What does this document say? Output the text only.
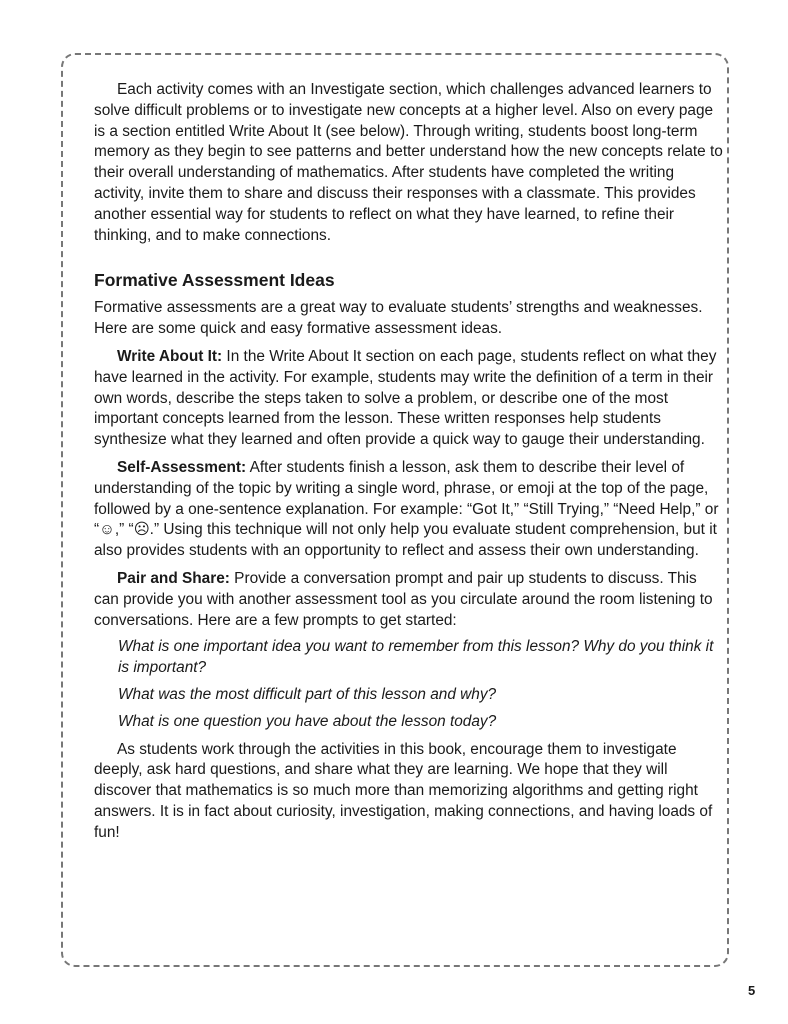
Each activity comes with an Investigate section, which challenges advanced learners to solve difficult problems or to investigate new concepts at a higher level. Also on every page is a section entitled Write About It (see below). Through writing, students boost long-term memory as they begin to see patterns and better understand how the new concepts relate to their overall understanding of mathematics. After students have completed the writing activity, invite them to share and discuss their responses with a classmate. This provides another essential way for students to reflect on what they have learned, to refine their thinking, and to make connections.

Formative Assessment Ideas

Formative assessments are a great way to evaluate students’ strengths and weaknesses. Here are some quick and easy formative assessment ideas.

Write About It: In the Write About It section on each page, students reflect on what they have learned in the activity. For example, students may write the definition of a term in their own words, describe the steps taken to solve a problem, or describe one of the most important concepts learned from the lesson. These written responses help students synthesize what they learned and often provide a quick way to gauge their understanding.

Self-Assessment: After students finish a lesson, ask them to describe their level of understanding of the topic by writing a single word, phrase, or emoji at the top of the page, followed by a one-sentence explanation. For example: “Got It,” “Still Trying,” “Need Help,” or “☺,” “☹.” Using this technique will not only help you evaluate student comprehension, but it also provides students with an opportunity to reflect and assess their own understanding.

Pair and Share: Provide a conversation prompt and pair up students to discuss. This can provide you with another assessment tool as you circulate around the room listening to conversations. Here are a few prompts to get started:

What is one important idea you want to remember from this lesson? Why do you think it is important?

What was the most difficult part of this lesson and why?

What is one question you have about the lesson today?

As students work through the activities in this book, encourage them to investigate deeply, ask hard questions, and share what they are learning. We hope that they will discover that mathematics is so much more than memorizing algorithms and getting right answers. It is in fact about curiosity, investigation, making connections, and having loads of fun!

5
